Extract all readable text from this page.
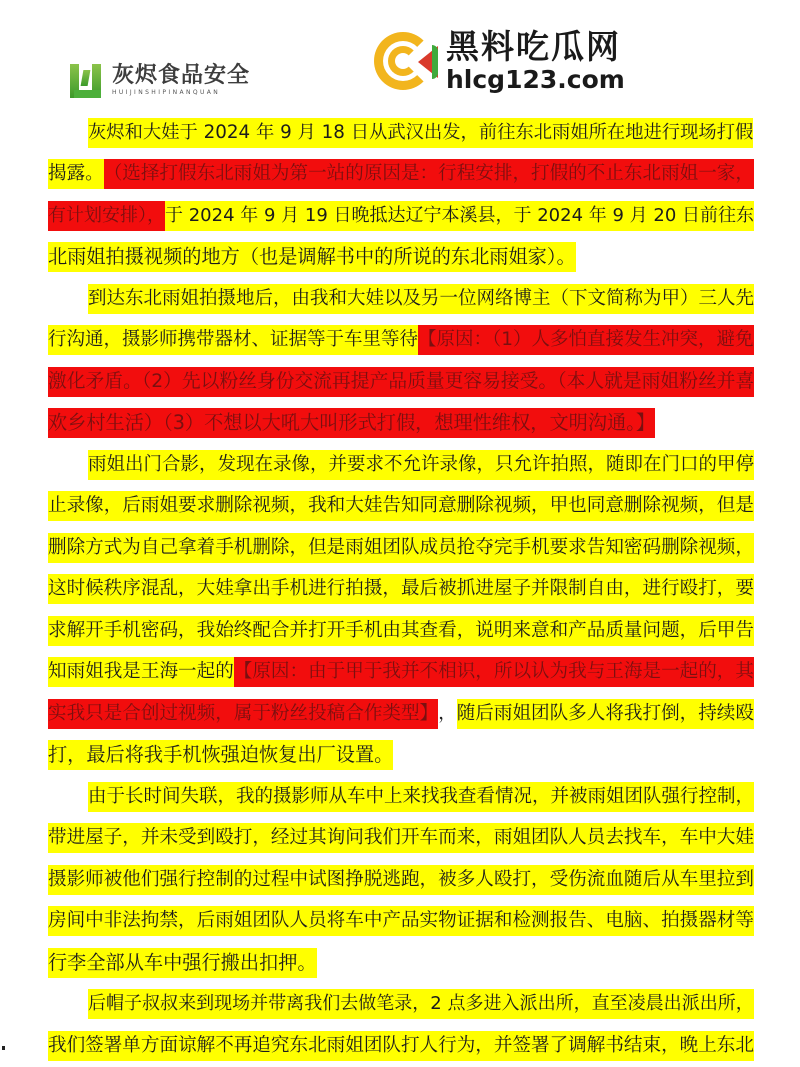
灰烬食品安全
HUIJINSHIPINANQUAN
黑料吃瓜网
hlcg123.com
灰烬和大娃于 2024 年 9 月 18 日从武汉出发，前往东北雨姐所在地进行现场打假
揭露。 （选择打假东北雨姐为第一站的原因是：行程安排，打假的不止东北雨姐一家，
有计划安排）， 于 2024 年 9 月 19 日晚抵达辽宁本溪县，于 2024 年 9 月 20 日前往东
北雨姐拍摄视频的地方（也是调解书中的所说的东北雨姐家）。
到达东北雨姐拍摄地后，由我和大娃以及另一位网络博主（下文简称为甲）三人先
行沟通，摄影师携带器材、证据等于车里等待 【原因：（1）人多怕直接发生冲突，避免
激化矛盾。（2）先以粉丝身份交流再提产品质量更容易接受。（本人就是雨姐粉丝并喜
欢乡村生活）（3）不想以大吼大叫形式打假，想理性维权，文明沟通。】
雨姐出门合影，发现在录像，并要求不允许录像，只允许拍照，随即在门口的甲停
止录像，后雨姐要求删除视频，我和大娃告知同意删除视频，甲也同意删除视频，但是
删除方式为自己拿着手机删除，但是雨姐团队成员抢夺完手机要求告知密码删除视频，
这时候秩序混乱，大娃拿出手机进行拍摄，最后被抓进屋子并限制自由，进行殴打，要
求解开手机密码，我始终配合并打开手机由其查看，说明来意和产品质量问题，后甲告
知雨姐我是王海一起的 【原因：由于甲于我并不相识，所以认为我与王海是一起的，其
实我只是合创过视频，属于粉丝投稿合作类型】 ， 随后雨姐团队多人将我打倒，持续殴
打，最后将我手机恢强迫恢复出厂设置。
由于长时间失联，我的摄影师从车中上来找我查看情况，并被雨姐团队强行控制，
带进屋子，并未受到殴打，经过其询问我们开车而来，雨姐团队人员去找车，车中大娃
摄影师被他们强行控制的过程中试图挣脱逃跑，被多人殴打，受伤流血随后从车里拉到
房间中非法拘禁，后雨姐团队人员将车中产品实物证据和检测报告、电脑、拍摄器材等
行李全部从车中强行搬出扣押。
后帽子叔叔来到现场并带离我们去做笔录，2 点多进入派出所，直至凌晨出派出所，
我们签署单方面谅解不再追究东北雨姐团队打人行为，并签署了调解书结束，晚上东北
